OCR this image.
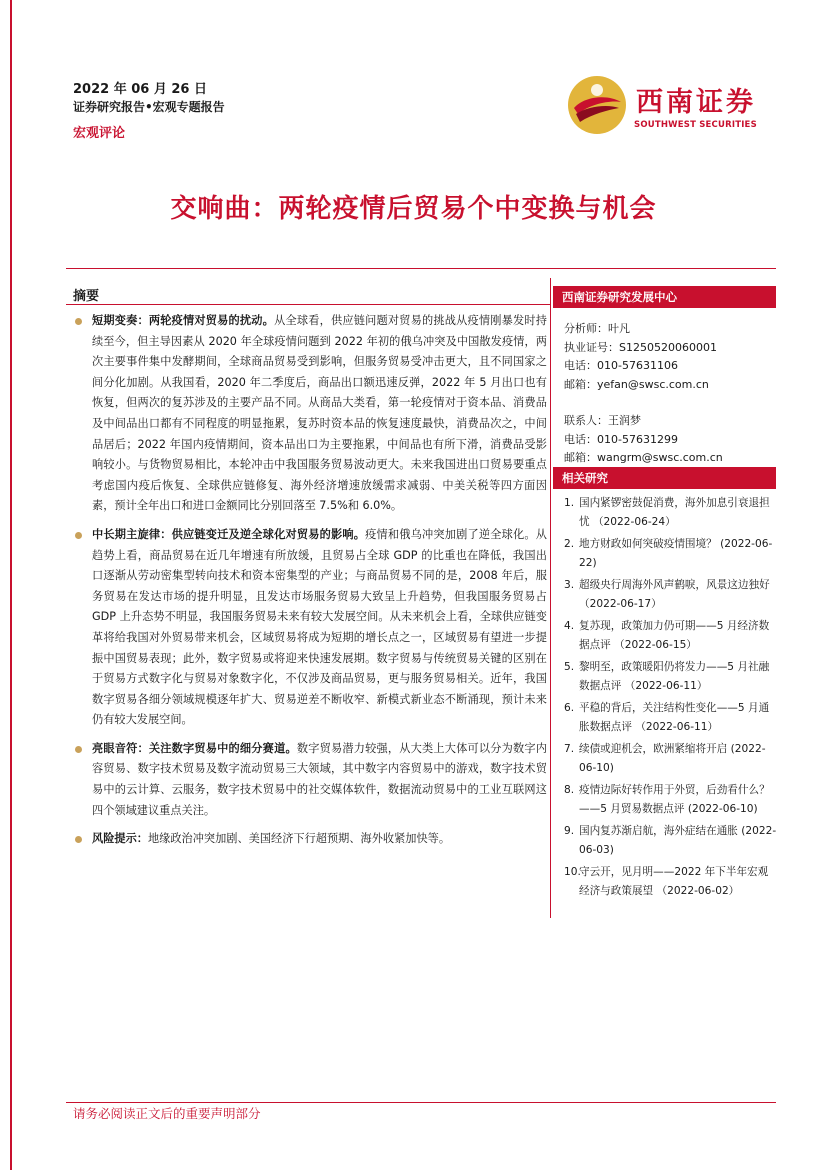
2022 年 06 月 26 日
证券研究报告•宏观专题报告
宏观评论
西南证券
SOUTHWEST SECURITIES
交响曲：两轮疫情后贸易个中变换与机会
摘要
短期变奏：两轮疫情对贸易的扰动。从全球看，供应链问题对贸易的挑战从疫情刚暴发时持续至今，但主导因素从 2020 年全球疫情问题到 2022 年初的俄乌冲突及中国散发疫情，两次主要事件集中发酵期间，全球商品贸易受到影响，但服务贸易受冲击更大，且不同国家之间分化加剧。从我国看，2020 年二季度后，商品出口额迅速反弹，2022 年 5 月出口也有恢复，但两次的复苏涉及的主要产品不同。从商品大类看，第一轮疫情对于资本品、消费品及中间品出口都有不同程度的明显拖累，复苏时资本品的恢复速度最快，消费品次之，中间品居后；2022 年国内疫情期间，资本品出口为主要拖累，中间品也有所下滑，消费品受影响较小。与货物贸易相比，本轮冲击中我国服务贸易波动更大。未来我国进出口贸易要重点考虑国内疫后恢复、全球供应链修复、海外经济增速放缓需求减弱、中美关税等四方面因素，预计全年出口和进口金额同比分别回落至 7.5%和 6.0%。
中长期主旋律：供应链变迁及逆全球化对贸易的影响。疫情和俄乌冲突加剧了逆全球化。从趋势上看，商品贸易在近几年增速有所放缓，且贸易占全球 GDP 的比重也在降低，我国出口逐渐从劳动密集型转向技术和资本密集型的产业；与商品贸易不同的是，2008 年后，服务贸易在发达市场的提升明显，且发达市场服务贸易大致呈上升趋势，但我国服务贸易占 GDP 上升态势不明显，我国服务贸易未来有较大发展空间。从未来机会上看，全球供应链变革将给我国对外贸易带来机会，区域贸易将成为短期的增长点之一，区域贸易有望进一步提振中国贸易表现；此外，数字贸易或将迎来快速发展期。数字贸易与传统贸易关键的区别在于贸易方式数字化与贸易对象数字化，不仅涉及商品贸易，更与服务贸易相关。近年，我国数字贸易各细分领域规模逐年扩大、贸易逆差不断收窄、新模式新业态不断涌现，预计未来仍有较大发展空间。
亮眼音符：关注数字贸易中的细分赛道。数字贸易潜力较强，从大类上大体可以分为数字内容贸易、数字技术贸易及数字流动贸易三大领域，其中数字内容贸易中的游戏，数字技术贸易中的云计算、云服务，数字技术贸易中的社交媒体软件，数据流动贸易中的工业互联网这四个领域建议重点关注。
风险提示：地缘政治冲突加剧、美国经济下行超预期、海外收紧加快等。
西南证券研究发展中心
分析师：叶凡
执业证号：S1250520060001
电话：010-57631106
邮箱：yefan@swsc.com.cn
联系人：王润梦
电话：010-57631299
邮箱：wangrm@swsc.com.cn
相关研究
1. 国内紧锣密鼓促消费，海外加息引衰退担忧 （2022-06-24）
2. 地方财政如何突破疫情围境？ (2022-06-22)
3. 超级央行周海外风声鹤唳，风景这边独好 （2022-06-17）
4. 复苏现，政策加力仍可期——5 月经济数据点评 （2022-06-15）
5. 黎明至，政策暖阳仍将发力——5 月社融数据点评 （2022-06-11）
6. 平稳的背后，关注结构性变化——5 月通胀数据点评 （2022-06-11）
7. 续债或迎机会，欧洲紧缩将开启 (2022-06-10)
8. 疫情边际好转作用于外贸，后劲看什么？——5 月贸易数据点评 (2022-06-10)
9. 国内复苏渐启航，海外症结在通胀 (2022-06-03)
10.
守云开，见月明——2022 年下半年宏观经济与政策展望 （2022-06-02）
请务必阅读正文后的重要声明部分
